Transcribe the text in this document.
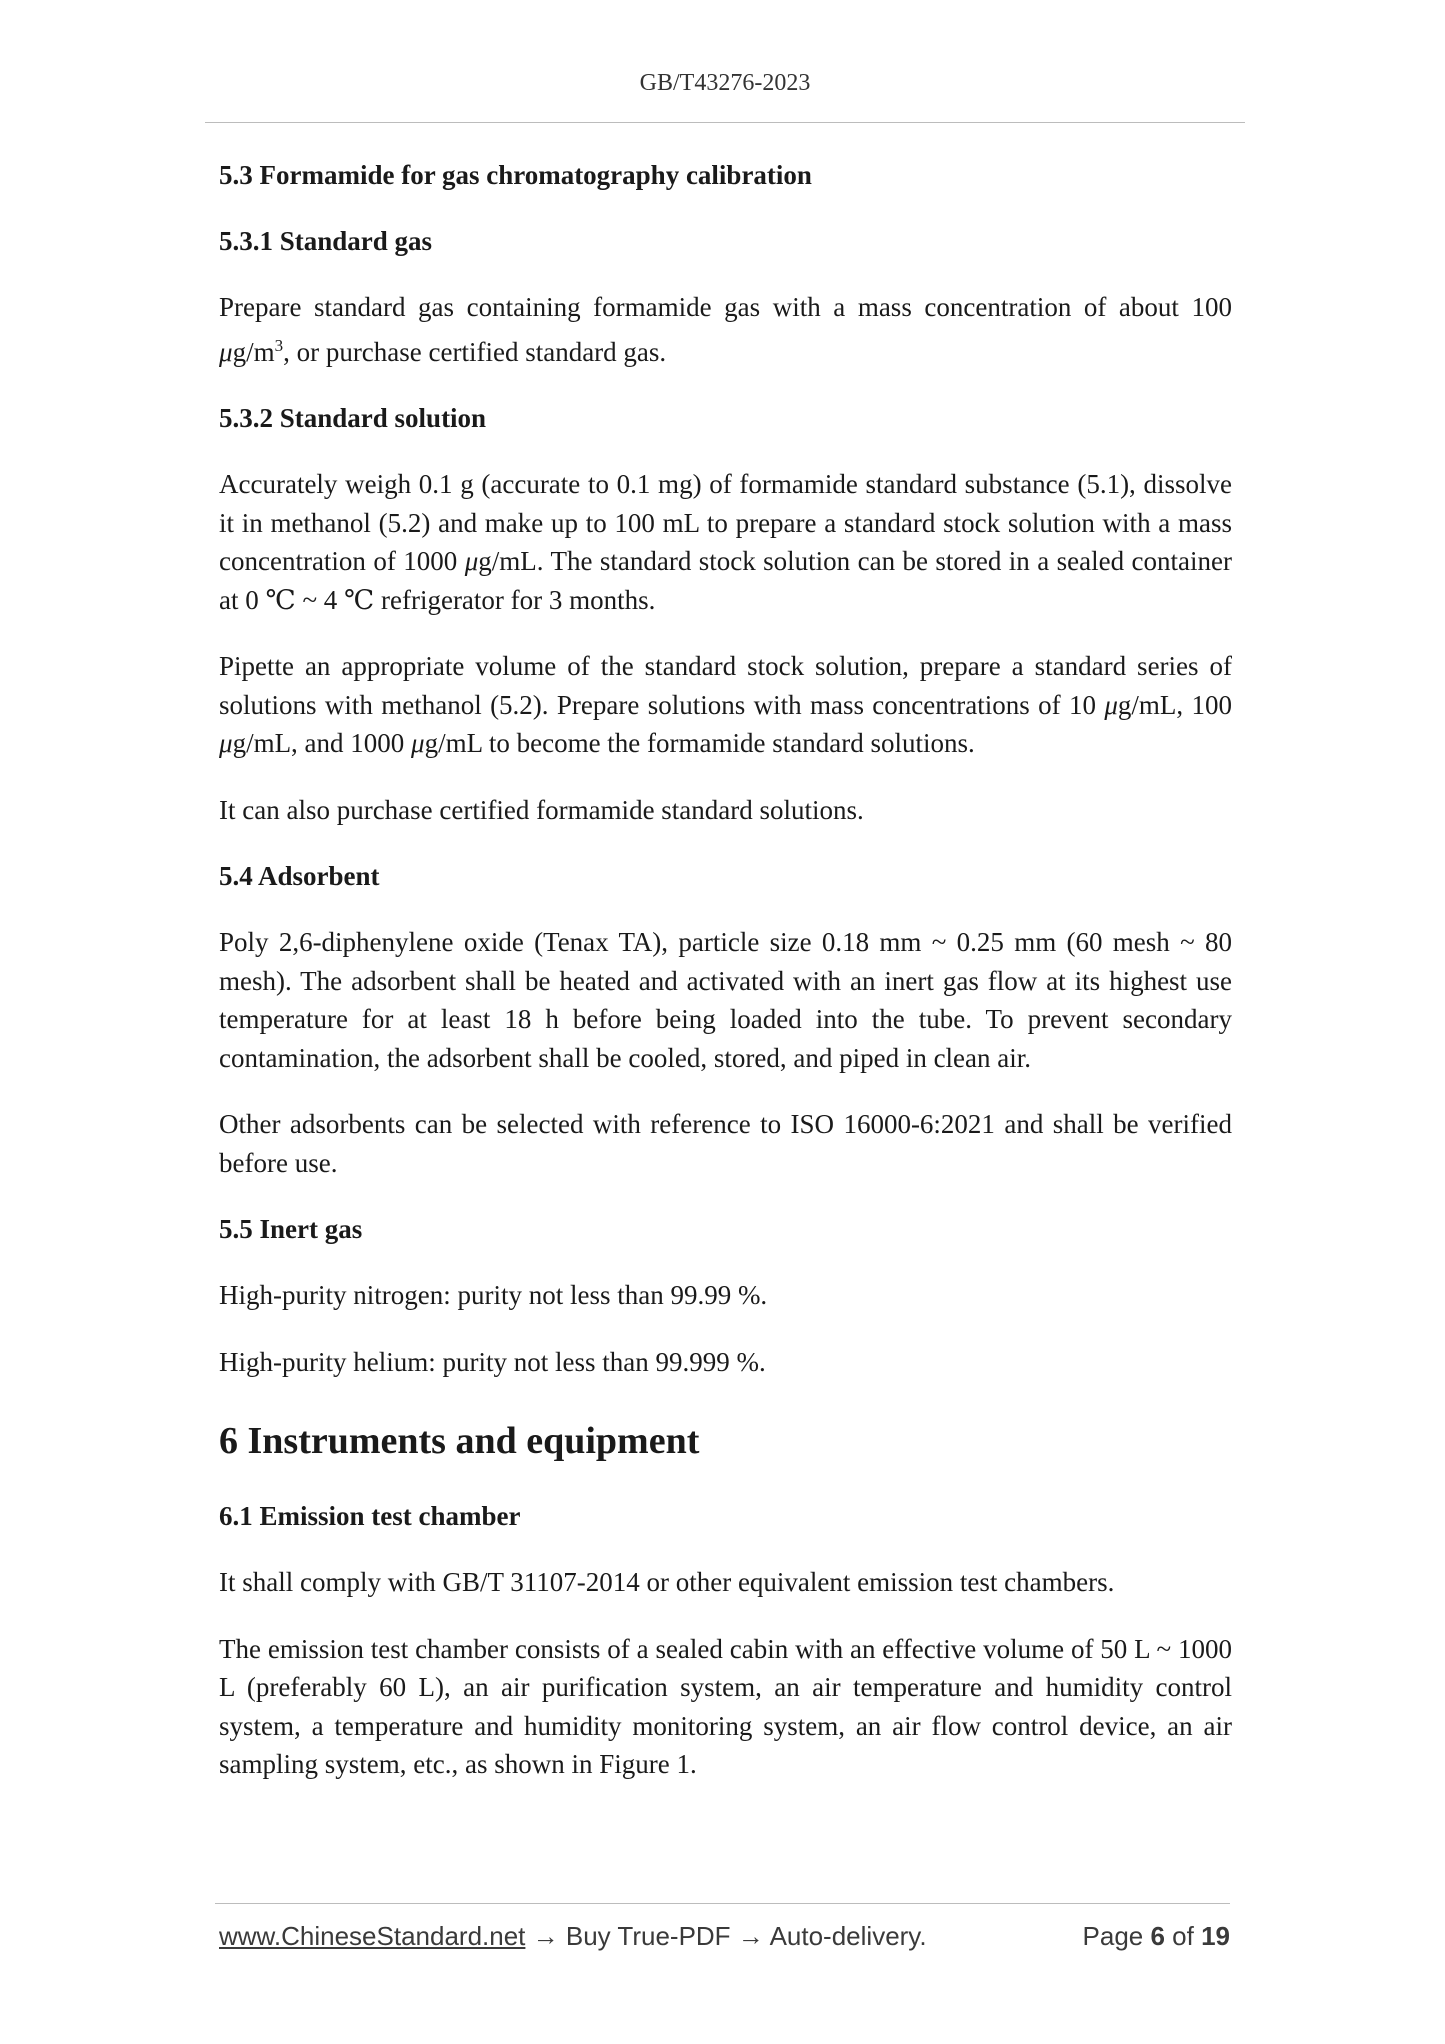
GB/T43276-2023
5.3 Formamide for gas chromatography calibration
5.3.1 Standard gas
Prepare standard gas containing formamide gas with a mass concentration of about 100 $\mu g/m^3$, or purchase certified standard gas.
5.3.2 Standard solution
Accurately weigh 0.1 g (accurate to 0.1 mg) of formamide standard substance (5.1), dissolve it in methanol (5.2) and make up to 100 mL to prepare a standard stock solution with a mass concentration of 1000 μg/mL. The standard stock solution can be stored in a sealed container at 0 ℃ ~ 4 ℃ refrigerator for 3 months.
Pipette an appropriate volume of the standard stock solution, prepare a standard series of solutions with methanol (5.2). Prepare solutions with mass concentrations of 10 μg/mL, 100 μg/mL, and 1000 μg/mL to become the formamide standard solutions.
It can also purchase certified formamide standard solutions.
5.4 Adsorbent
Poly 2,6-diphenylene oxide (Tenax TA), particle size 0.18 mm ~ 0.25 mm (60 mesh ~ 80 mesh). The adsorbent shall be heated and activated with an inert gas flow at its highest use temperature for at least 18 h before being loaded into the tube. To prevent secondary contamination, the adsorbent shall be cooled, stored, and piped in clean air.
Other adsorbents can be selected with reference to ISO 16000-6:2021 and shall be verified before use.
5.5 Inert gas
High-purity nitrogen: purity not less than 99.99 %.
High-purity helium: purity not less than 99.999 %.
6 Instruments and equipment
6.1 Emission test chamber
It shall comply with GB/T 31107-2014 or other equivalent emission test chambers.
The emission test chamber consists of a sealed cabin with an effective volume of 50 L ~ 1000 L (preferably 60 L), an air purification system, an air temperature and humidity control system, a temperature and humidity monitoring system, an air flow control device, an air sampling system, etc., as shown in Figure 1.
www.ChineseStandard.net → Buy True-PDF → Auto-delivery.	Page 6 of 19
